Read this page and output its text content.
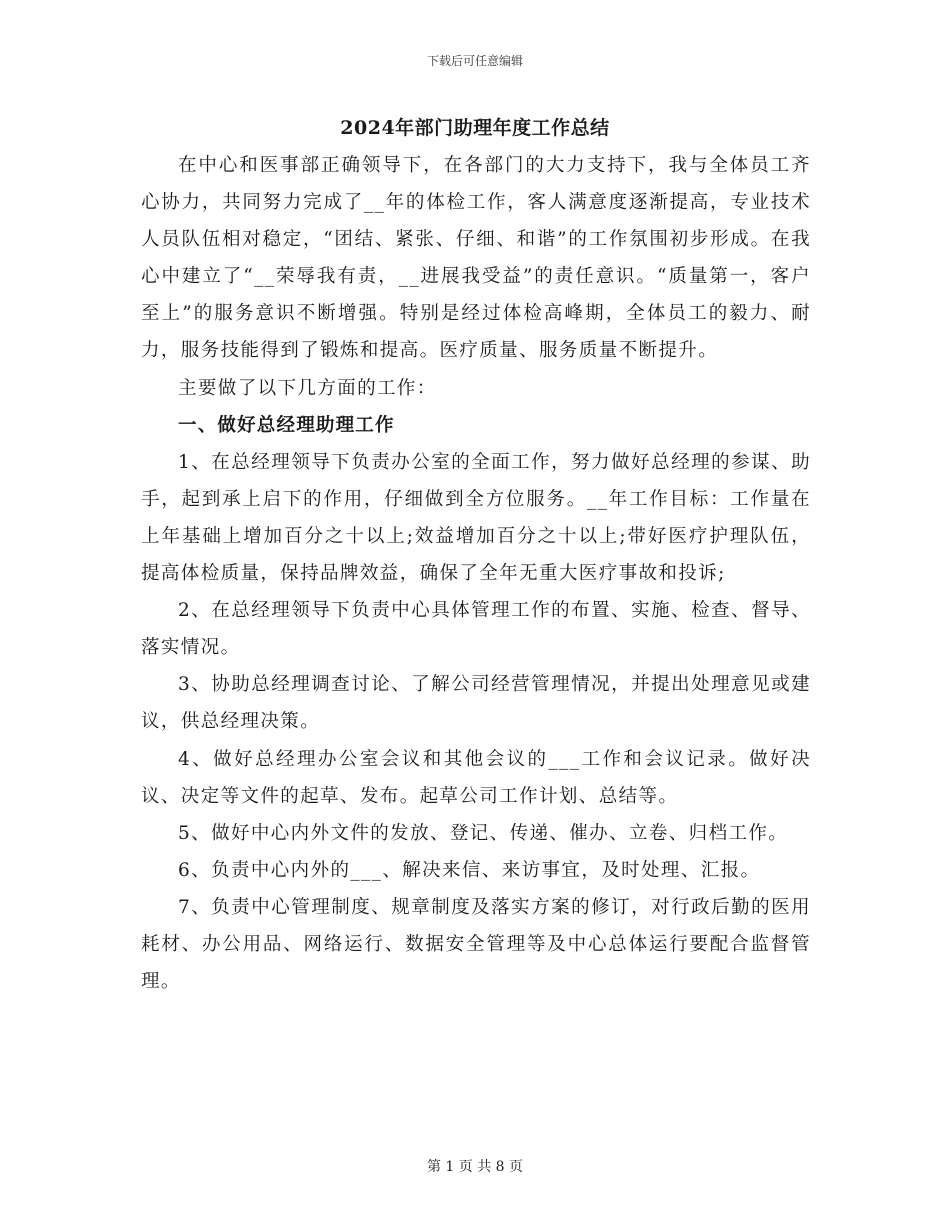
下载后可任意编辑
2024年部门助理年度工作总结

在中心和医事部正确领导下，在各部门的大力支持下，我与全体员工齐心协力，共同努力完成了__年的体检工作，客人满意度逐渐提高，专业技术人员队伍相对稳定，“团结、紧张、仔细、和谐”的工作氛围初步形成。在我心中建立了“__荣辱我有责，__进展我受益”的责任意识。“质量第一，客户至上”的服务意识不断增强。特别是经过体检高峰期，全体员工的毅力、耐力，服务技能得到了锻炼和提高。医疗质量、服务质量不断提升。

主要做了以下几方面的工作：

一、做好总经理助理工作

1、在总经理领导下负责办公室的全面工作，努力做好总经理的参谋、助手，起到承上启下的作用，仔细做到全方位服务。__年工作目标：工作量在上年基础上增加百分之十以上;效益增加百分之十以上;带好医疗护理队伍，提高体检质量，保持品牌效益，确保了全年无重大医疗事故和投诉;

2、在总经理领导下负责中心具体管理工作的布置、实施、检查、督导、落实情况。

3、协助总经理调查讨论、了解公司经营管理情况，并提出处理意见或建议，供总经理决策。

4、做好总经理办公室会议和其他会议的___工作和会议记录。做好决议、决定等文件的起草、发布。起草公司工作计划、总结等。

5、做好中心内外文件的发放、登记、传递、催办、立卷、归档工作。

6、负责中心内外的___、解决来信、来访事宜，及时处理、汇报。

7、负责中心管理制度、规章制度及落实方案的修订，对行政后勤的医用耗材、办公用品、网络运行、数据安全管理等及中心总体运行要配合监督管理。

第 1 页 共 8 页
